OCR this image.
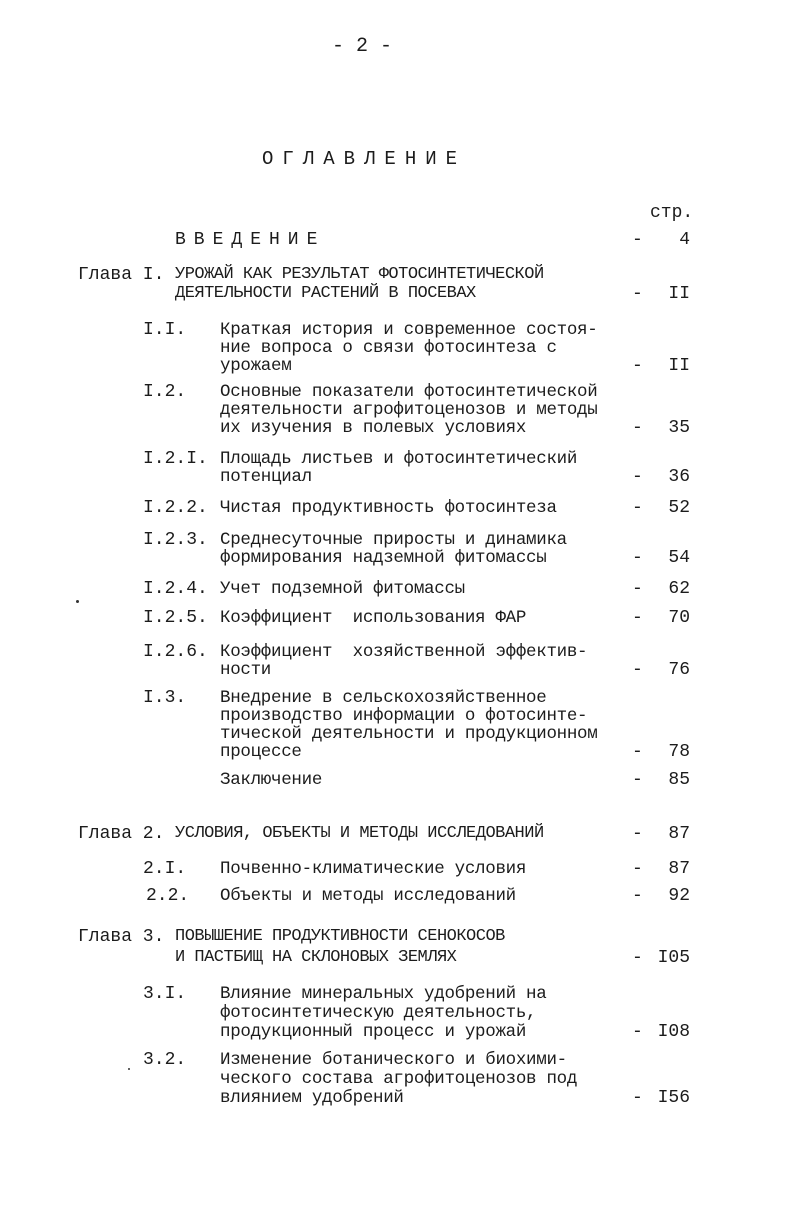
- 2 -
ОГЛАВЛЕНИЕ
стр.
ВВЕДЕНИЕ	-	4
Глава I. УРОЖАЙ КАК РЕЗУЛЬТАТ ФОТОСИНТЕТИЧЕСКОЙ
ДЕЯТЕЛЬНОСТИ РАСТЕНИЙ В ПОСЕВАХ	-	II
I.I. Краткая история и современное состоя-
ние вопроса о связи фотосинтеза с
урожаем	-	II
I.2. Основные показатели фотосинтетической
деятельности агрофитоценозов и методы
их изучения в полевых условиях	-	35
I.2.I. Площадь листьев и фотосинтетический
потенциал	-	36
I.2.2. Чистая продуктивность фотосинтеза	-	52
I.2.3. Среднесуточные приросты и динамика
формирования надземной фитомассы	-	54
I.2.4. Учет подземной фитомассы	-	62
I.2.5. Коэффициент  использования ФАР	-	70
I.2.6. Коэффициент  хозяйственной эффектив-
ности	-	76
I.3. Внедрение в сельскохозяйственное
производство информации о фотосинте-
тической деятельности и продукционном
процессе	-	78
Заключение	-	85
Глава 2. УСЛОВИЯ, ОБЪЕКТЫ И МЕТОДЫ ИССЛЕДОВАНИЙ	-	87
2.I. Почвенно-климатические условия	-	87
2.2. Объекты и методы исследований	-	92
Глава 3. ПОВЫШЕНИЕ ПРОДУКТИВНОСТИ СЕНОКОСОВ
И ПАСТБИЩ НА СКЛОНОВЫХ ЗЕМЛЯХ	- I05
3.I. Влияние минеральных удобрений на
фотосинтетическую деятельность,
продукционный процесс и урожай	- I08
3.2. Изменение ботанического и биохими-
ческого состава агрофитоценозов под
влиянием удобрений	- I56
